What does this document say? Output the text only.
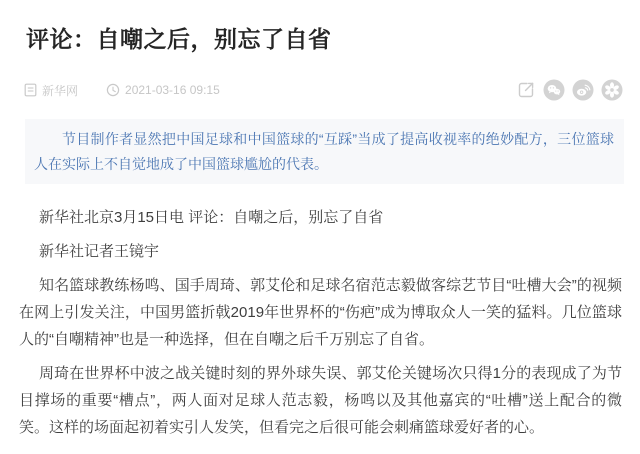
评论：自嘲之后，别忘了自省
新华网	2021-03-16 09:15
节目制作者显然把中国足球和中国篮球的“互踩”当成了提高收视率的绝妙配方，三位篮球人在实际上不自觉地成了中国篮球尴尬的代表。

新华社北京3月15日电 评论：自嘲之后，别忘了自省

新华社记者王镜宇

知名篮球教练杨鸣、国手周琦、郭艾伦和足球名宿范志毅做客综艺节目“吐槽大会”的视频在网上引发关注，中国男篮折戟2019年世界杯的“伤疤”成为博取众人一笑的猛料。几位篮球人的“自嘲精神”也是一种选择，但在自嘲之后千万别忘了自省。

周琦在世界杯中波之战关键时刻的界外球失误、郭艾伦关键场次只得1分的表现成了为节目撑场的重要“槽点”，两人面对足球人范志毅，杨鸣以及其他嘉宾的“吐槽”送上配合的微笑。这样的场面起初着实引人发笑，但看完之后很可能会刺痛篮球爱好者的心。
